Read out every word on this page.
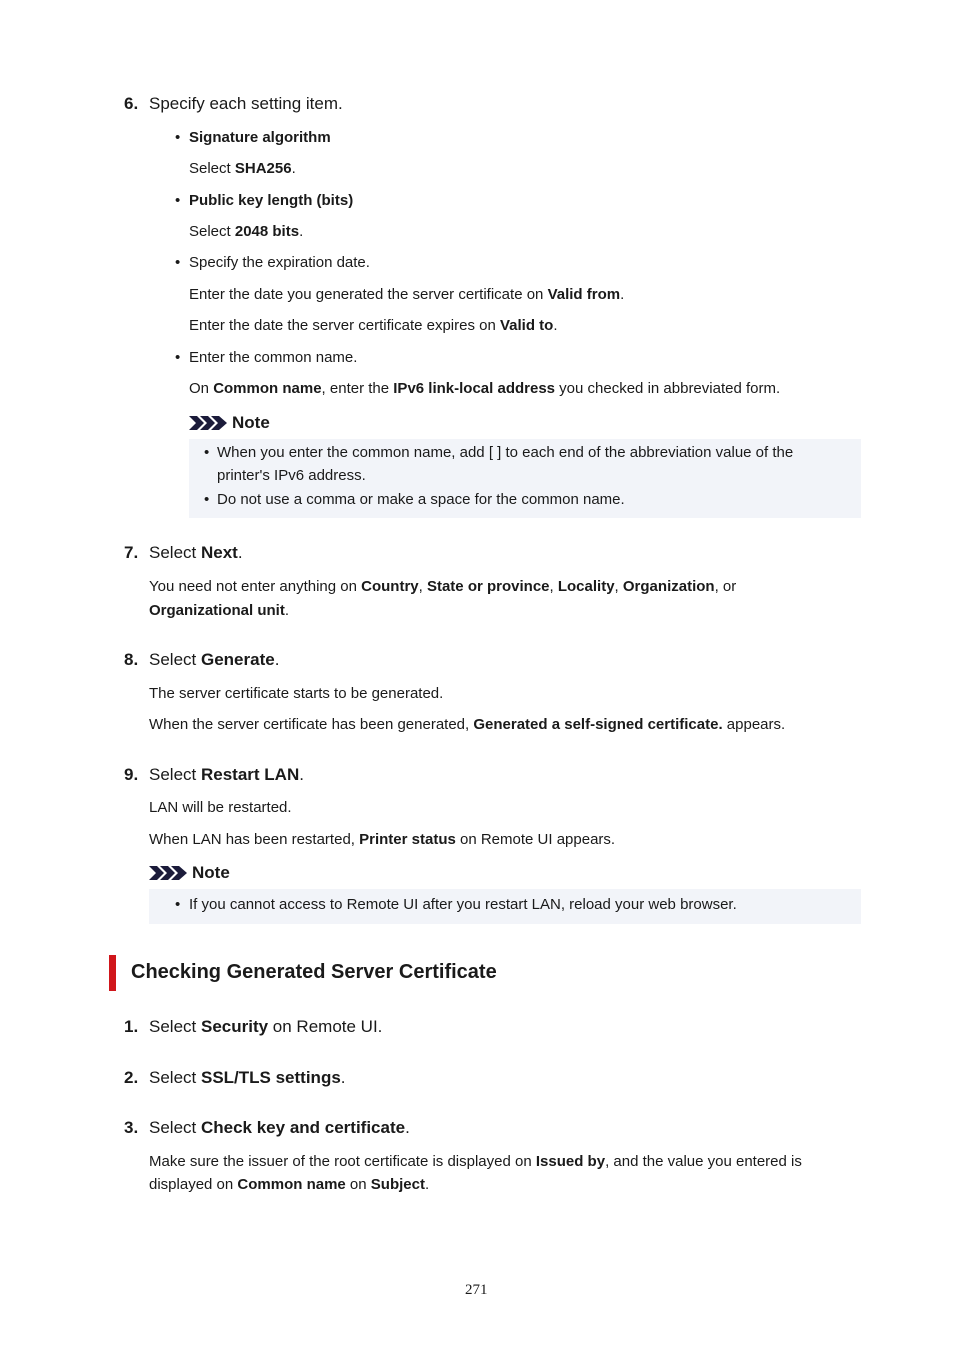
6. Specify each setting item.
• Signature algorithm
Select SHA256.
• Public key length (bits)
Select 2048 bits.
• Specify the expiration date.
Enter the date you generated the server certificate on Valid from.
Enter the date the server certificate expires on Valid to.
• Enter the common name.
On Common name, enter the IPv6 link-local address you checked in abbreviated form.
Note
• When you enter the common name, add [ ] to each end of the abbreviation value of the
printer's IPv6 address.
• Do not use a comma or make a space for the common name.
7. Select Next.
You need not enter anything on Country, State or province, Locality, Organization, or
Organizational unit.
8. Select Generate.
The server certificate starts to be generated.
When the server certificate has been generated, Generated a self-signed certificate. appears.
9. Select Restart LAN.
LAN will be restarted.
When LAN has been restarted, Printer status on Remote UI appears.
Note
• If you cannot access to Remote UI after you restart LAN, reload your web browser.
Checking Generated Server Certificate
1. Select Security on Remote UI.
2. Select SSL/TLS settings.
3. Select Check key and certificate.
Make sure the issuer of the root certificate is displayed on Issued by, and the value you entered is
displayed on Common name on Subject.
271
